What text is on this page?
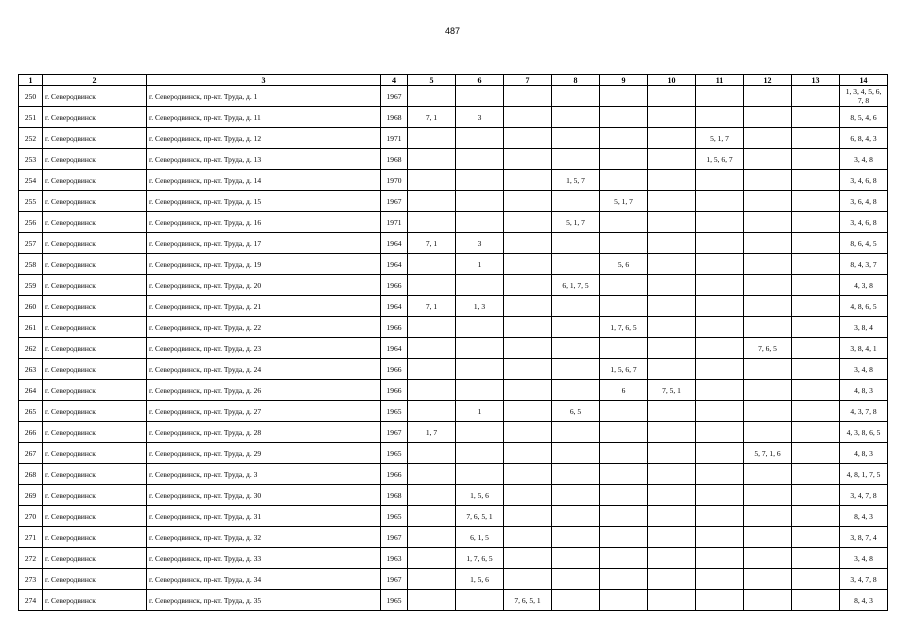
487
1	2	3	4	5	6	7	8	9	10	11	12	13	14
250	г. Северодвинск	г. Северодвинск, пр-кт. Труда, д. 1	1967										1, 3, 4, 5, 6, 7, 8
251	г. Северодвинск	г. Северодвинск, пр-кт. Труда, д. 11	1968	7, 1	3								8, 5, 4, 6
252	г. Северодвинск	г. Северодвинск, пр-кт. Труда, д. 12	1971							5, 1, 7			6, 8, 4, 3
253	г. Северодвинск	г. Северодвинск, пр-кт. Труда, д. 13	1968							1, 5, 6, 7			3, 4, 8
254	г. Северодвинск	г. Северодвинск, пр-кт. Труда, д. 14	1970				1, 5, 7						3, 4, 6, 8
255	г. Северодвинск	г. Северодвинск, пр-кт. Труда, д. 15	1967					5, 1, 7					3, 6, 4, 8
256	г. Северодвинск	г. Северодвинск, пр-кт. Труда, д. 16	1971				5, 1, 7						3, 4, 6, 8
257	г. Северодвинск	г. Северодвинск, пр-кт. Труда, д. 17	1964	7, 1	3								8, 6, 4, 5
258	г. Северодвинск	г. Северодвинск, пр-кт. Труда, д. 19	1964		1			5, 6					8, 4, 3, 7
259	г. Северодвинск	г. Северодвинск, пр-кт. Труда, д. 20	1966				6, 1, 7, 5						4, 3, 8
260	г. Северодвинск	г. Северодвинск, пр-кт. Труда, д. 21	1964	7, 1	1, 3								4, 8, 6, 5
261	г. Северодвинск	г. Северодвинск, пр-кт. Труда, д. 22	1966					1, 7, 6, 5					3, 8, 4
262	г. Северодвинск	г. Северодвинск, пр-кт. Труда, д. 23	1964								7, 6, 5		3, 8, 4, 1
263	г. Северодвинск	г. Северодвинск, пр-кт. Труда, д. 24	1966					1, 5, 6, 7					3, 4, 8
264	г. Северодвинск	г. Северодвинск, пр-кт. Труда, д. 26	1966					6	7, 5, 1				4, 8, 3
265	г. Северодвинск	г. Северодвинск, пр-кт. Труда, д. 27	1965		1		6, 5						4, 3, 7, 8
266	г. Северодвинск	г. Северодвинск, пр-кт. Труда, д. 28	1967	1, 7									4, 3, 8, 6, 5
267	г. Северодвинск	г. Северодвинск, пр-кт. Труда, д. 29	1965								5, 7, 1, 6		4, 8, 3
268	г. Северодвинск	г. Северодвинск, пр-кт. Труда, д. 3	1966										4, 8, 1, 7, 5
269	г. Северодвинск	г. Северодвинск, пр-кт. Труда, д. 30	1968		1, 5, 6								3, 4, 7, 8
270	г. Северодвинск	г. Северодвинск, пр-кт. Труда, д. 31	1965		7, 6, 5, 1								8, 4, 3
271	г. Северодвинск	г. Северодвинск, пр-кт. Труда, д. 32	1967		6, 1, 5								3, 8, 7, 4
272	г. Северодвинск	г. Северодвинск, пр-кт. Труда, д. 33	1963		1, 7, 6, 5								3, 4, 8
273	г. Северодвинск	г. Северодвинск, пр-кт. Труда, д. 34	1967		1, 5, 6								3, 4, 7, 8
274	г. Северодвинск	г. Северодвинск, пр-кт. Труда, д. 35	1965			7, 6, 5, 1							8, 4, 3
